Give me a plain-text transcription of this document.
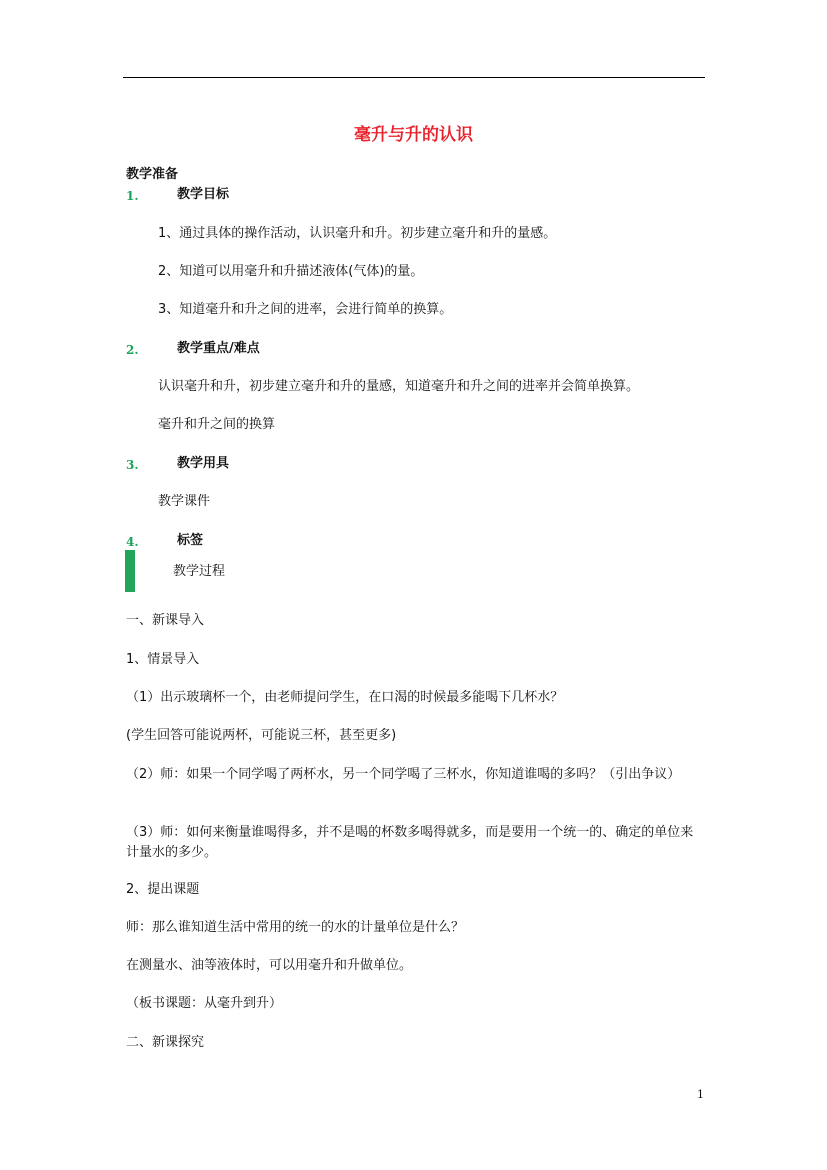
毫升与升的认识
教学准备
1.	教学目标
1、通过具体的操作活动，认识毫升和升。初步建立毫升和升的量感。
2、知道可以用毫升和升描述液体(气体)的量。
3、知道毫升和升之间的进率，会进行简单的换算。
2.	教学重点/难点
认识毫升和升，初步建立毫升和升的量感，知道毫升和升之间的进率并会简单换算。
毫升和升之间的换算
3.	教学用具
教学课件
4.	标签
教学过程
一、新课导入
1、情景导入
（1）出示玻璃杯一个，由老师提问学生，在口渴的时候最多能喝下几杯水？
(学生回答可能说两杯，可能说三杯，甚至更多)
（2）师：如果一个同学喝了两杯水，另一个同学喝了三杯水，你知道谁喝的多吗？（引出争议）
（3）师：如何来衡量谁喝得多，并不是喝的杯数多喝得就多，而是要用一个统一的、确定的单位来计量水的多少。
2、提出课题
师：那么谁知道生活中常用的统一的水的计量单位是什么？
在测量水、油等液体时，可以用毫升和升做单位。
（板书课题：从毫升到升）
二、新课探究
1
